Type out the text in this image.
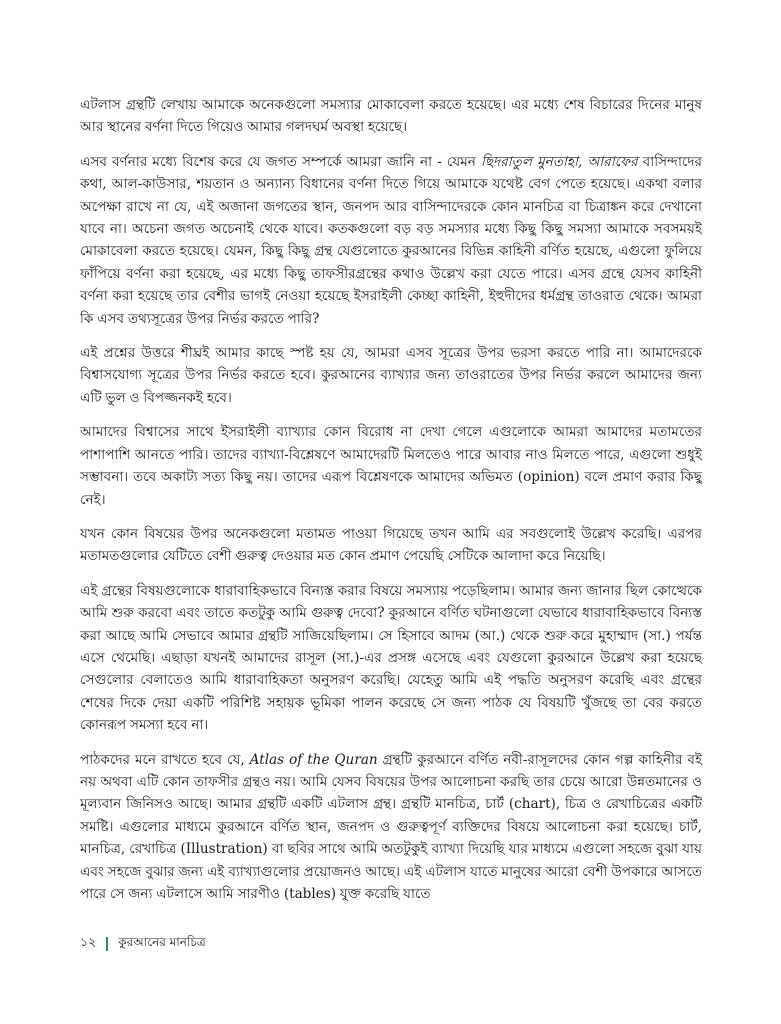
এটলাস গ্রন্থটি লেখায় আমাকে অনেকগুলো সমস্যার মোকাবেলা করতে হয়েছে। এর মধ্যে শেষ বিচারের দিনের মানুষ আর স্থানের বর্ণনা দিতে গিয়েও আমার গলদঘর্ম অবস্থা হয়েছে।

এসব বর্ণনার মধ্যে বিশেষ করে যে জগত সম্পর্কে আমরা জানি না - যেমন ছিদরাতুল মুনতাহা, আরাফের বাসিন্দাদের কথা, আল-কাউসার, শয়তান ও অন্যান্য বিধানের বর্ণনা দিতে গিয়ে আমাকে যথেষ্ট বেগ পেতে হয়েছে। একথা বলার অপেক্ষা রাখে না যে, এই অজানা জগতের স্থান, জনপদ আর বাসিন্দাদেরকে কোন মানচিত্র বা চিত্রাঙ্কন করে দেখানো যাবে না। অচেনা জগত অচেনাই থেকে যাবে। কতকগুলো বড় বড় সমস্যার মধ্যে কিছু কিছু সমস্যা আমাকে সবসময়ই মোকাবেলা করতে হয়েছে। যেমন, কিছু কিছু গ্রন্থ যেগুলোতে কুরআনের বিভিন্ন কাহিনী বর্ণিত হয়েছে, এগুলো ফুলিয়ে ফাঁপিয়ে বর্ণনা করা হয়েছে, এর মধ্যে কিছু তাফসীরগ্রন্থের কথাও উল্লেখ করা যেতে পারে। এসব গ্রন্থে যেসব কাহিনী বর্ণনা করা হয়েছে তার বেশীর ভাগই নেওয়া হয়েছে ইসরাইলী কেচ্ছা কাহিনী, ইহুদীদের ধর্মগ্রন্থ তাওরাত থেকে। আমরা কি এসব তথ্যসূত্রের উপর নির্ভর করতে পারি?

এই প্রশ্নের উত্তরে শীঘ্রই আমার কাছে স্পষ্ট হয় যে, আমরা এসব সূত্রের উপর ভরসা করতে পারি না। আমাদেরকে বিশ্বাসযোগ্য সূত্রের উপর নির্ভর করতে হবে। কুরআনের ব্যাখ্যার জন্য তাওরাতের উপর নির্ভর করলে আমাদের জন্য এটি ভুল ও বিপজ্জনকই হবে।

আমাদের বিশ্বাসের সাথে ইসরাইলী ব্যাখ্যার কোন বিরোধ না দেখা গেলে এগুলোকে আমরা আমাদের মতামতের পাশাপাশি আনতে পারি। তাদের ব্যাখ্যা-বিশ্লেষণে আমাদেরটি মিলতেও পারে আবার নাও মিলতে পারে, এগুলো শুধুই সম্ভাবনা। তবে অকাট্য সত্য কিছু নয়। তাদের এরূপ বিশ্লেষণকে আমাদের অভিমত (opinion) বলে প্রমাণ করার কিছু নেই।

যখন কোন বিষয়ের উপর অনেকগুলো মতামত পাওয়া গিয়েছে তখন আমি এর সবগুলোই উল্লেখ করেছি। এরপর মতামতগুলোর যেটিতে বেশী গুরুত্ব দেওয়ার মত কোন প্রমাণ পেয়েছি সেটিকে আলাদা করে নিয়েছি।

এই গ্রন্থের বিষয়গুলোকে ধারাবাহিকভাবে বিন্যস্ত করার বিষয়ে সমস্যায় পড়েছিলাম। আমার জন্য জানার ছিল কোত্থেকে আমি শুরু করবো এবং তাতে কতটুকু আমি গুরুত্ব দেবো? কুরআনে বর্ণিত ঘটনাগুলো যেভাবে ধারাবাহিকভাবে বিন্যস্ত করা আছে আমি সেভাবে আমার গ্রন্থটি সাজিয়েছিলাম। সে হিসাবে আদম (আ.) থেকে শুরু করে মুহাম্মাদ (সা.) পর্যন্ত এসে থেমেছি। এছাড়া যখনই আমাদের রাসূল (সা.)-এর প্রসঙ্গ এসেছে এবং যেগুলো কুরআনে উল্লেখ করা হয়েছে সেগুলোর বেলাতেও আমি ধারাবাহিকতা অনুসরণ করেছি। যেহেতু আমি এই পদ্ধতি অনুসরণ করেছি এবং গ্রন্থের শেষের দিকে দেয়া একটি পরিশিষ্ট সহায়ক ভূমিকা পালন করেছে সে জন্য পাঠক যে বিষয়টি খুঁজছে তা বের করতে কোনরূপ সমস্যা হবে না।

পাঠকদের মনে রাখতে হবে যে, Atlas of the Quran গ্রন্থটি কুরআনে বর্ণিত নবী-রাসূলদের কোন গল্প কাহিনীর বই নয় অথবা এটি কোন তাফসীর গ্রন্থও নয়। আমি যেসব বিষয়ের উপর আলোচনা করছি তার চেয়ে আরো উন্নতমানের ও মূল্যবান জিনিসও আছে। আমার গ্রন্থটি একটি এটলাস গ্রন্থ। গ্রন্থটি মানচিত্র, চার্ট (chart), চিত্র ও রেখাচিত্রের একটি সমষ্টি। এগুলোর মাধ্যমে কুরআনে বর্ণিত স্থান, জনপদ ও গুরুত্বপূর্ণ ব্যক্তিদের বিষয়ে আলোচনা করা হয়েছে। চার্ট, মানচিত্র, রেখাচিত্র (Illustration) বা ছবির সাথে আমি অতটুকুই ব্যাখ্যা দিয়েছি যার মাধ্যমে এগুলো সহজে বুঝা যায় এবং সহজে বুঝার জন্য এই ব্যাখ্যাগুলোর প্রয়োজনও আছে। এই এটলাস যাতে মানুষের আরো বেশী উপকারে আসতে পারে সে জন্য এটলাসে আমি সারণীও (tables) যুক্ত করেছি যাতে

১২ কুরআনের মানচিত্র
